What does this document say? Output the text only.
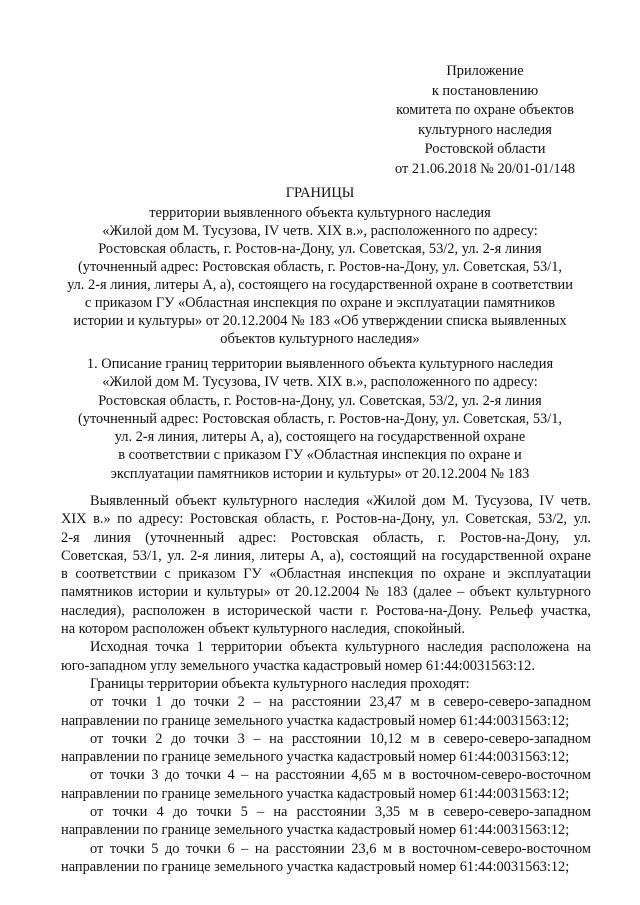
Приложение
к постановлению
комитета по охране объектов
культурного наследия
Ростовской области
от 21.06.2018 № 20/01-01/148
ГРАНИЦЫ
территории выявленного объекта культурного наследия
«Жилой дом М. Тусузова, IV четв. XIX в.», расположенного по адресу:
Ростовская область, г. Ростов-на-Дону, ул. Советская, 53/2, ул. 2-я линия
(уточненный адрес: Ростовская область, г. Ростов-на-Дону, ул. Советская, 53/1,
ул. 2-я линия, литеры А, а), состоящего на государственной охране в соответствии
с приказом ГУ «Областная инспекция по охране и эксплуатации памятников
истории и культуры» от 20.12.2004 № 183 «Об утверждении списка выявленных
объектов культурного наследия»
1. Описание границ территории выявленного объекта культурного наследия
«Жилой дом М. Тусузова, IV четв. XIX в.», расположенного по адресу:
Ростовская область, г. Ростов-на-Дону, ул. Советская, 53/2, ул. 2-я линия
(уточненный адрес: Ростовская область, г. Ростов-на-Дону, ул. Советская, 53/1,
ул. 2-я линия, литеры А, а), состоящего на государственной охране
в соответствии с приказом ГУ «Областная инспекция по охране и
эксплуатации памятников истории и культуры» от 20.12.2004 № 183
Выявленный объект культурного наследия «Жилой дом М. Тусузова, IV четв.
XIX в.» по адресу: Ростовская область, г. Ростов-на-Дону, ул. Советская, 53/2, ул.
2-я линия (уточненный адрес: Ростовская область, г. Ростов-на-Дону, ул.
Советская, 53/1, ул. 2-я линия, литеры А, а), состоящий на государственной охране
в соответствии с приказом ГУ «Областная инспекция по охране и эксплуатации
памятников истории и культуры» от 20.12.2004 № 183 (далее – объект культурного
наследия), расположен в исторической части г. Ростова-на-Дону. Рельеф участка,
на котором расположен объект культурного наследия, спокойный.
Исходная точка 1 территории объекта культурного наследия расположена на
юго-западном углу земельного участка кадастровый номер 61:44:0031563:12.
Границы территории объекта культурного наследия проходят:
от точки 1 до точки 2 – на расстоянии 23,47 м в северо-северо-западном
направлении по границе земельного участка кадастровый номер 61:44:0031563:12;
от точки 2 до точки 3 – на расстоянии 10,12 м в северо-северо-западном
направлении по границе земельного участка кадастровый номер 61:44:0031563:12;
от точки 3 до точки 4 – на расстоянии 4,65 м в восточном-северо-восточном
направлении по границе земельного участка кадастровый номер 61:44:0031563:12;
от точки 4 до точки 5 – на расстоянии 3,35 м в северо-северо-западном
направлении по границе земельного участка кадастровый номер 61:44:0031563:12;
от точки 5 до точки 6 – на расстоянии 23,6 м в восточном-северо-восточном
направлении по границе земельного участка кадастровый номер 61:44:0031563:12;
